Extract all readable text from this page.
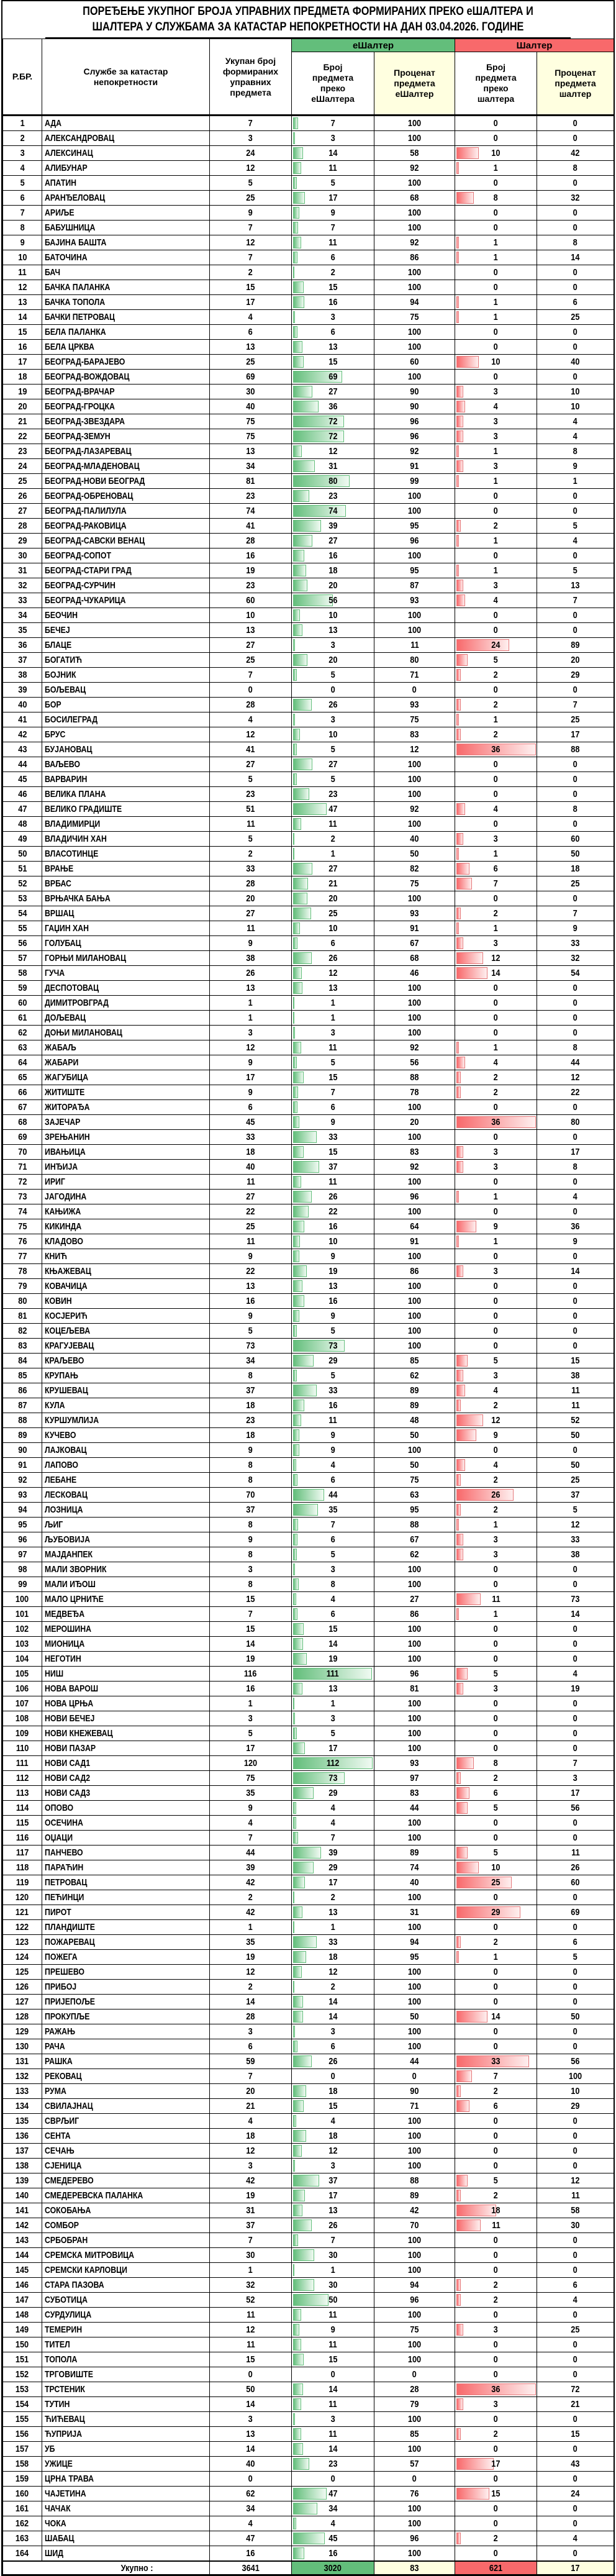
ПОРЕЂЕЊЕ УКУПНОГ БРОЈА УПРАВНИХ ПРЕДМЕТА ФОРМИРАНИХ ПРЕКО еШАЛТЕРА И
ШАЛТЕРА У СЛУЖБАМА ЗА КАТАСТАР НЕПОКРЕТНОСТИ НА ДАН 03.04.2026. ГОДИНЕ
Р.БР.	Службе за катастар непокретности	Укупан број формираних управних предмета	еШалтер		Шалтер	
			Број предмета преко еШалтера	Проценат предмета еШалтер	Број предмета преко шалтера	Проценат предмета шалтер
1	АДА	7	7	100	0	0
2	АЛЕКСАНДРОВАЦ	3	3	100	0	0
3	АЛЕКСИНАЦ	24	14	58	10	42
4	АЛИБУНАР	12	11	92	1	8
5	АПАТИН	5	5	100	0	0
6	АРАНЂЕЛОВАЦ	25	17	68	8	32
7	АРИЉЕ	9	9	100	0	0
8	БАБУШНИЦА	7	7	100	0	0
9	БАЈИНА БАШТА	12	11	92	1	8
10	БАТОЧИНА	7	6	86	1	14
11	БАЧ	2	2	100	0	0
12	БАЧКА ПАЛАНКА	15	15	100	0	0
13	БАЧКА ТОПОЛА	17	16	94	1	6
14	БАЧКИ ПЕТРОВАЦ	4	3	75	1	25
15	БЕЛА ПАЛАНКА	6	6	100	0	0
16	БЕЛА ЦРКВА	13	13	100	0	0
17	БЕОГРАД-БАРАЈЕВО	25	15	60	10	40
18	БЕОГРАД-ВОЖДОВАЦ	69	69	100	0	0
19	БЕОГРАД-ВРАЧАР	30	27	90	3	10
20	БЕОГРАД-ГРОЦКА	40	36	90	4	10
21	БЕОГРАД-ЗВЕЗДАРА	75	72	96	3	4
22	БЕОГРАД-ЗЕМУН	75	72	96	3	4
23	БЕОГРАД-ЛАЗАРЕВАЦ	13	12	92	1	8
24	БЕОГРАД-МЛАДЕНОВАЦ	34	31	91	3	9
25	БЕОГРАД-НОВИ БЕОГРАД	81	80	99	1	1
26	БЕОГРАД-ОБРЕНОВАЦ	23	23	100	0	0
27	БЕОГРАД-ПАЛИЛУЛА	74	74	100	0	0
28	БЕОГРАД-РАКОВИЦА	41	39	95	2	5
29	БЕОГРАД-САВСКИ ВЕНАЦ	28	27	96	1	4
30	БЕОГРАД-СОПОТ	16	16	100	0	0
31	БЕОГРАД-СТАРИ ГРАД	19	18	95	1	5
32	БЕОГРАД-СУРЧИН	23	20	87	3	13
33	БЕОГРАД-ЧУКАРИЦА	60	56	93	4	7
34	БЕОЧИН	10	10	100	0	0
35	БЕЧЕЈ	13	13	100	0	0
36	БЛАЦЕ	27	3	11	24	89
37	БОГАТИЋ	25	20	80	5	20
38	БОЈНИК	7	5	71	2	29
39	БОЉЕВАЦ	0	0	0	0	0
40	БОР	28	26	93	2	7
41	БОСИЛЕГРАД	4	3	75	1	25
42	БРУС	12	10	83	2	17
43	БУЈАНОВАЦ	41	5	12	36	88
44	ВАЉЕВО	27	27	100	0	0
45	ВАРВАРИН	5	5	100	0	0
46	ВЕЛИКА ПЛАНА	23	23	100	0	0
47	ВЕЛИКО ГРАДИШТЕ	51	47	92	4	8
48	ВЛАДИМИРЦИ	11	11	100	0	0
49	ВЛАДИЧИН ХАН	5	2	40	3	60
50	ВЛАСОТИНЦЕ	2	1	50	1	50
51	ВРАЊЕ	33	27	82	6	18
52	ВРБАС	28	21	75	7	25
53	ВРЊАЧКА БАЊА	20	20	100	0	0
54	ВРШАЦ	27	25	93	2	7
55	ГАЏИН ХАН	11	10	91	1	9
56	ГОЛУБАЦ	9	6	67	3	33
57	ГОРЊИ МИЛАНОВАЦ	38	26	68	12	32
58	ГУЧА	26	12	46	14	54
59	ДЕСПОТОВАЦ	13	13	100	0	0
60	ДИМИТРОВГРАД	1	1	100	0	0
61	ДОЉЕВАЦ	1	1	100	0	0
62	ДОЊИ МИЛАНОВАЦ	3	3	100	0	0
63	ЖАБАЉ	12	11	92	1	8
64	ЖАБАРИ	9	5	56	4	44
65	ЖАГУБИЦА	17	15	88	2	12
66	ЖИТИШТЕ	9	7	78	2	22
67	ЖИТОРАЂА	6	6	100	0	0
68	ЗАЈЕЧАР	45	9	20	36	80
69	ЗРЕЊАНИН	33	33	100	0	0
70	ИВАЊИЦА	18	15	83	3	17
71	ИНЂИЈА	40	37	92	3	8
72	ИРИГ	11	11	100	0	0
73	ЈАГОДИНА	27	26	96	1	4
74	КАЊИЖА	22	22	100	0	0
75	КИКИНДА	25	16	64	9	36
76	КЛАДОВО	11	10	91	1	9
77	КНИЋ	9	9	100	0	0
78	КЊАЖЕВАЦ	22	19	86	3	14
79	КОВАЧИЦА	13	13	100	0	0
80	КОВИН	16	16	100	0	0
81	КОСЈЕРИЋ	9	9	100	0	0
82	КОЦЕЉЕВА	5	5	100	0	0
83	КРАГУЈЕВАЦ	73	73	100	0	0
84	КРАЉЕВО	34	29	85	5	15
85	КРУПАЊ	8	5	62	3	38
86	КРУШЕВАЦ	37	33	89	4	11
87	КУЛА	18	16	89	2	11
88	КУРШУМЛИЈА	23	11	48	12	52
89	КУЧЕВО	18	9	50	9	50
90	ЛАЈКОВАЦ	9	9	100	0	0
91	ЛАПОВО	8	4	50	4	50
92	ЛЕБАНЕ	8	6	75	2	25
93	ЛЕСКОВАЦ	70	44	63	26	37
94	ЛОЗНИЦА	37	35	95	2	5
95	ЉИГ	8	7	88	1	12
96	ЉУБОВИЈА	9	6	67	3	33
97	МАЈДАНПЕК	8	5	62	3	38
98	МАЛИ ЗВОРНИК	3	3	100	0	0
99	МАЛИ ИЂОШ	8	8	100	0	0
100	МАЛО ЦРНИЋЕ	15	4	27	11	73
101	МЕДВЕЂА	7	6	86	1	14
102	МЕРОШИНА	15	15	100	0	0
103	МИОНИЦА	14	14	100	0	0
104	НЕГОТИН	19	19	100	0	0
105	НИШ	116	111	96	5	4
106	НОВА ВАРОШ	16	13	81	3	19
107	НОВА ЦРЊА	1	1	100	0	0
108	НОВИ БЕЧЕЈ	3	3	100	0	0
109	НОВИ КНЕЖЕВАЦ	5	5	100	0	0
110	НОВИ ПАЗАР	17	17	100	0	0
111	НОВИ САД1	120	112	93	8	7
112	НОВИ САД2	75	73	97	2	3
113	НОВИ САД3	35	29	83	6	17
114	ОПОВО	9	4	44	5	56
115	ОСЕЧИНА	4	4	100	0	0
116	ОЏАЦИ	7	7	100	0	0
117	ПАНЧЕВО	44	39	89	5	11
118	ПАРАЋИН	39	29	74	10	26
119	ПЕТРОВАЦ	42	17	40	25	60
120	ПЕЋИНЦИ	2	2	100	0	0
121	ПИРОТ	42	13	31	29	69
122	ПЛАНДИШТЕ	1	1	100	0	0
123	ПОЖАРЕВАЦ	35	33	94	2	6
124	ПОЖЕГА	19	18	95	1	5
125	ПРЕШЕВО	12	12	100	0	0
126	ПРИБОЈ	2	2	100	0	0
127	ПРИЈЕПОЉЕ	14	14	100	0	0
128	ПРОКУПЉЕ	28	14	50	14	50
129	РАЖАЊ	3	3	100	0	0
130	РАЧА	6	6	100	0	0
131	РАШКА	59	26	44	33	56
132	РЕКОВАЦ	7	0	0	7	100
133	РУМА	20	18	90	2	10
134	СВИЛАЈНАЦ	21	15	71	6	29
135	СВРЉИГ	4	4	100	0	0
136	СЕНТА	18	18	100	0	0
137	СЕЧАЊ	12	12	100	0	0
138	СЈЕНИЦА	3	3	100	0	0
139	СМЕДЕРЕВО	42	37	88	5	12
140	СМЕДЕРЕВСКА ПАЛАНКА	19	17	89	2	11
141	СОКОБАЊА	31	13	42	18	58
142	СОМБОР	37	26	70	11	30
143	СРБОБРАН	7	7	100	0	0
144	СРЕМСКА МИТРОВИЦА	30	30	100	0	0
145	СРЕМСКИ КАРЛОВЦИ	1	1	100	0	0
146	СТАРА ПАЗОВА	32	30	94	2	6
147	СУБОТИЦА	52	50	96	2	4
148	СУРДУЛИЦА	11	11	100	0	0
149	ТЕМЕРИН	12	9	75	3	25
150	ТИТЕЛ	11	11	100	0	0
151	ТОПОЛА	15	15	100	0	0
152	ТРГОВИШТЕ	0	0	0	0	0
153	ТРСТЕНИК	50	14	28	36	72
154	ТУТИН	14	11	79	3	21
155	ЋИЋЕВАЦ	3	3	100	0	0
156	ЋУПРИЈА	13	11	85	2	15
157	УБ	14	14	100	0	0
158	УЖИЦЕ	40	23	57	17	43
159	ЦРНА ТРАВА	0	0	0	0	0
160	ЧАЈЕТИНА	62	47	76	15	24
161	ЧАЧАК	34	34	100	0	0
162	ЧОКА	4	4	100	0	0
163	ШАБАЦ	47	45	96	2	4
164	ШИД	16	16	100	0	0
Укупно :		3641	3020	83	621	17
